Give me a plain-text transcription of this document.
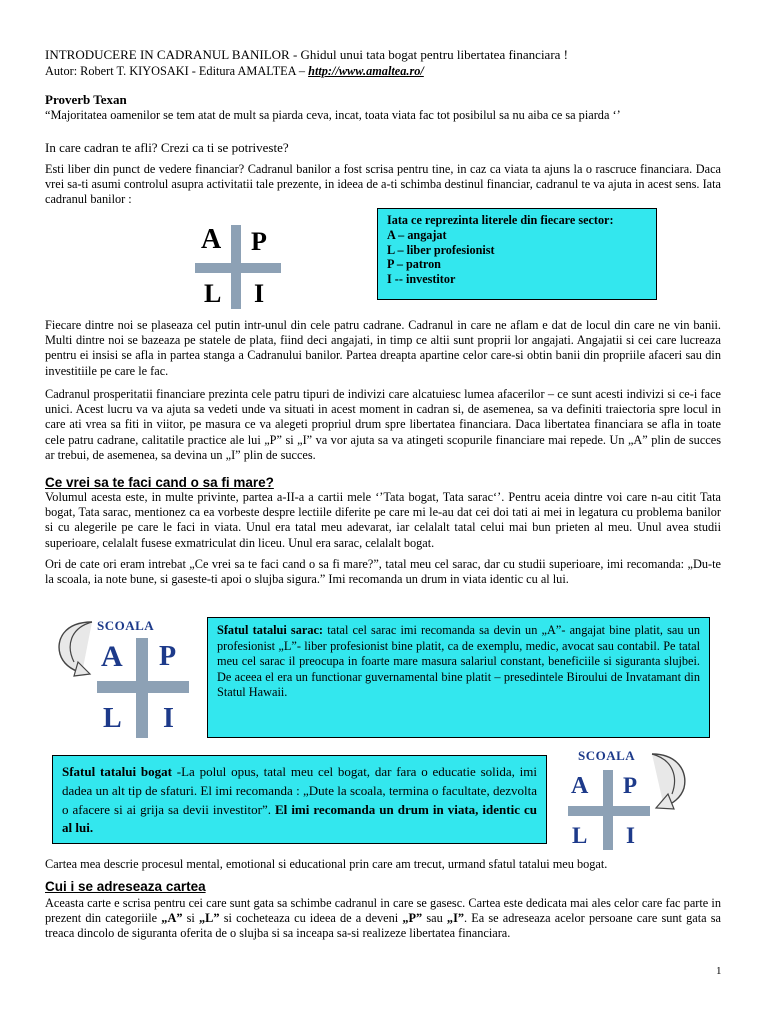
INTRODUCERE IN CADRANUL BANILOR - Ghidul unui tata bogat pentru libertatea financiara !
Autor: Robert T. KIYOSAKI - Editura AMALTEA – http://www.amaltea.ro/
Proverb Texan
“Majoritatea oamenilor se tem atat de mult sa piarda ceva, incat, toata viata fac tot posibilul sa nu aiba ce sa piarda ‘’
In care cadran te afli? Crezi ca ti se potriveste?
Esti liber din punct de vedere financiar? Cadranul banilor a fost scrisa pentru tine, in caz ca viata ta ajuns la o rascruce financiara. Daca vrei sa-ti asumi controlul asupra activitatii tale prezente, in ideea de a-ti schimba destinul financiar, cadranul te va ajuta in acest sens. Iata cadranul banilor :
A P
L I
Iata ce reprezinta literele din fiecare sector:
A – angajat
L – liber profesionist
P – patron
I -- investitor
Fiecare dintre noi se plaseaza cel putin intr-unul din cele patru cadrane. Cadranul in care ne aflam e dat de locul din care ne vin banii. Multi dintre noi se bazeaza pe statele de plata, fiind deci angajati, in timp ce altii sunt proprii lor angajati. Angajatii si cei care lucreaza pentru ei insisi se afla in partea stanga a Cadranului banilor. Partea dreapta apartine celor care-si obtin banii din propriile afaceri sau din investitiile pe care le fac.
Cadranul prosperitatii financiare prezinta cele patru tipuri de indivizi care alcatuiesc lumea afacerilor – ce sunt acesti indivizi si ce-i face unici. Acest lucru va va ajuta sa vedeti unde va situati in acest moment in cadran si, de asemenea, sa va definiti traiectoria spre locul in care ati vrea sa fiti in viitor, pe masura ce va alegeti propriul drum spre libertatea financiara. Daca libertatea financiara se afla in toate cele patru cadrane, calitatile practice ale lui „P” si „I” va vor ajuta sa va atingeti scopurile financiare mai repede. Un „A” plin de succes ar trebui, de asemenea, sa devina un „I” plin de succes.
Ce vrei sa te faci cand o sa fi mare?
Volumul acesta este, in multe privinte, partea a-II-a a cartii mele ‘’Tata bogat, Tata sarac‘’. Pentru aceia dintre voi care n-au citit Tata bogat, Tata sarac, mentionez ca ea vorbeste despre lectiile diferite pe care mi le-au dat cei doi tati ai mei in legatura cu problema banilor si cu alegerile pe care le faci in viata. Unul era tatal meu adevarat, iar celalalt tatal celui mai bun prieten al meu. Unul avea studii superioare, celalalt fusese exmatriculat din liceu. Unul era sarac, celalalt bogat.
Ori de cate ori eram intrebat „Ce vrei sa te faci cand o sa fi mare?”, tatal meu cel sarac, dar cu studii superioare, imi recomanda: „Du-te la scoala, ia note bune, si gaseste-ti apoi o slujba sigura.” Imi recomanda un drum in viata identic cu al lui.
SCOALA
A P
L I
Sfatul tatalui sarac: tatal cel sarac imi recomanda sa devin un „A”- angajat bine platit, sau un profesionist „L”- liber profesionist bine platit, ca de exemplu, medic, avocat sau contabil. Pe tatal meu cel sarac il preocupa in foarte mare masura salariul constant, beneficiile si siguranta slujbei. De aceea el era un functionar guvernamental bine platit – presedintele Biroului de Invatamant din Statul Hawaii.
Sfatul tatalui bogat -La polul opus, tatal meu cel bogat, dar fara o educatie solida, imi dadea un alt tip de sfaturi. El imi recomanda : „Dute la scoala, termina o facultate, dezvolta o afacere si ai grija sa devii investitor”. El imi recomanda un drum in viata, identic cu al lui.
SCOALA
A P
L I
Cartea mea descrie procesul mental, emotional si educational prin care am trecut, urmand sfatul tatalui meu bogat.
Cui i se adreseaza cartea
Aceasta carte e scrisa pentru cei care sunt gata sa schimbe cadranul in care se gasesc. Cartea este dedicata mai ales celor care fac parte in prezent din categoriile „A” si „L” si cocheteaza cu ideea de a deveni „P” sau „I”. Ea se adreseaza acelor persoane care sunt gata sa treaca dincolo de siguranta oferita de o slujba si sa inceapa sa-si realizeze libertatea financiara.
1
